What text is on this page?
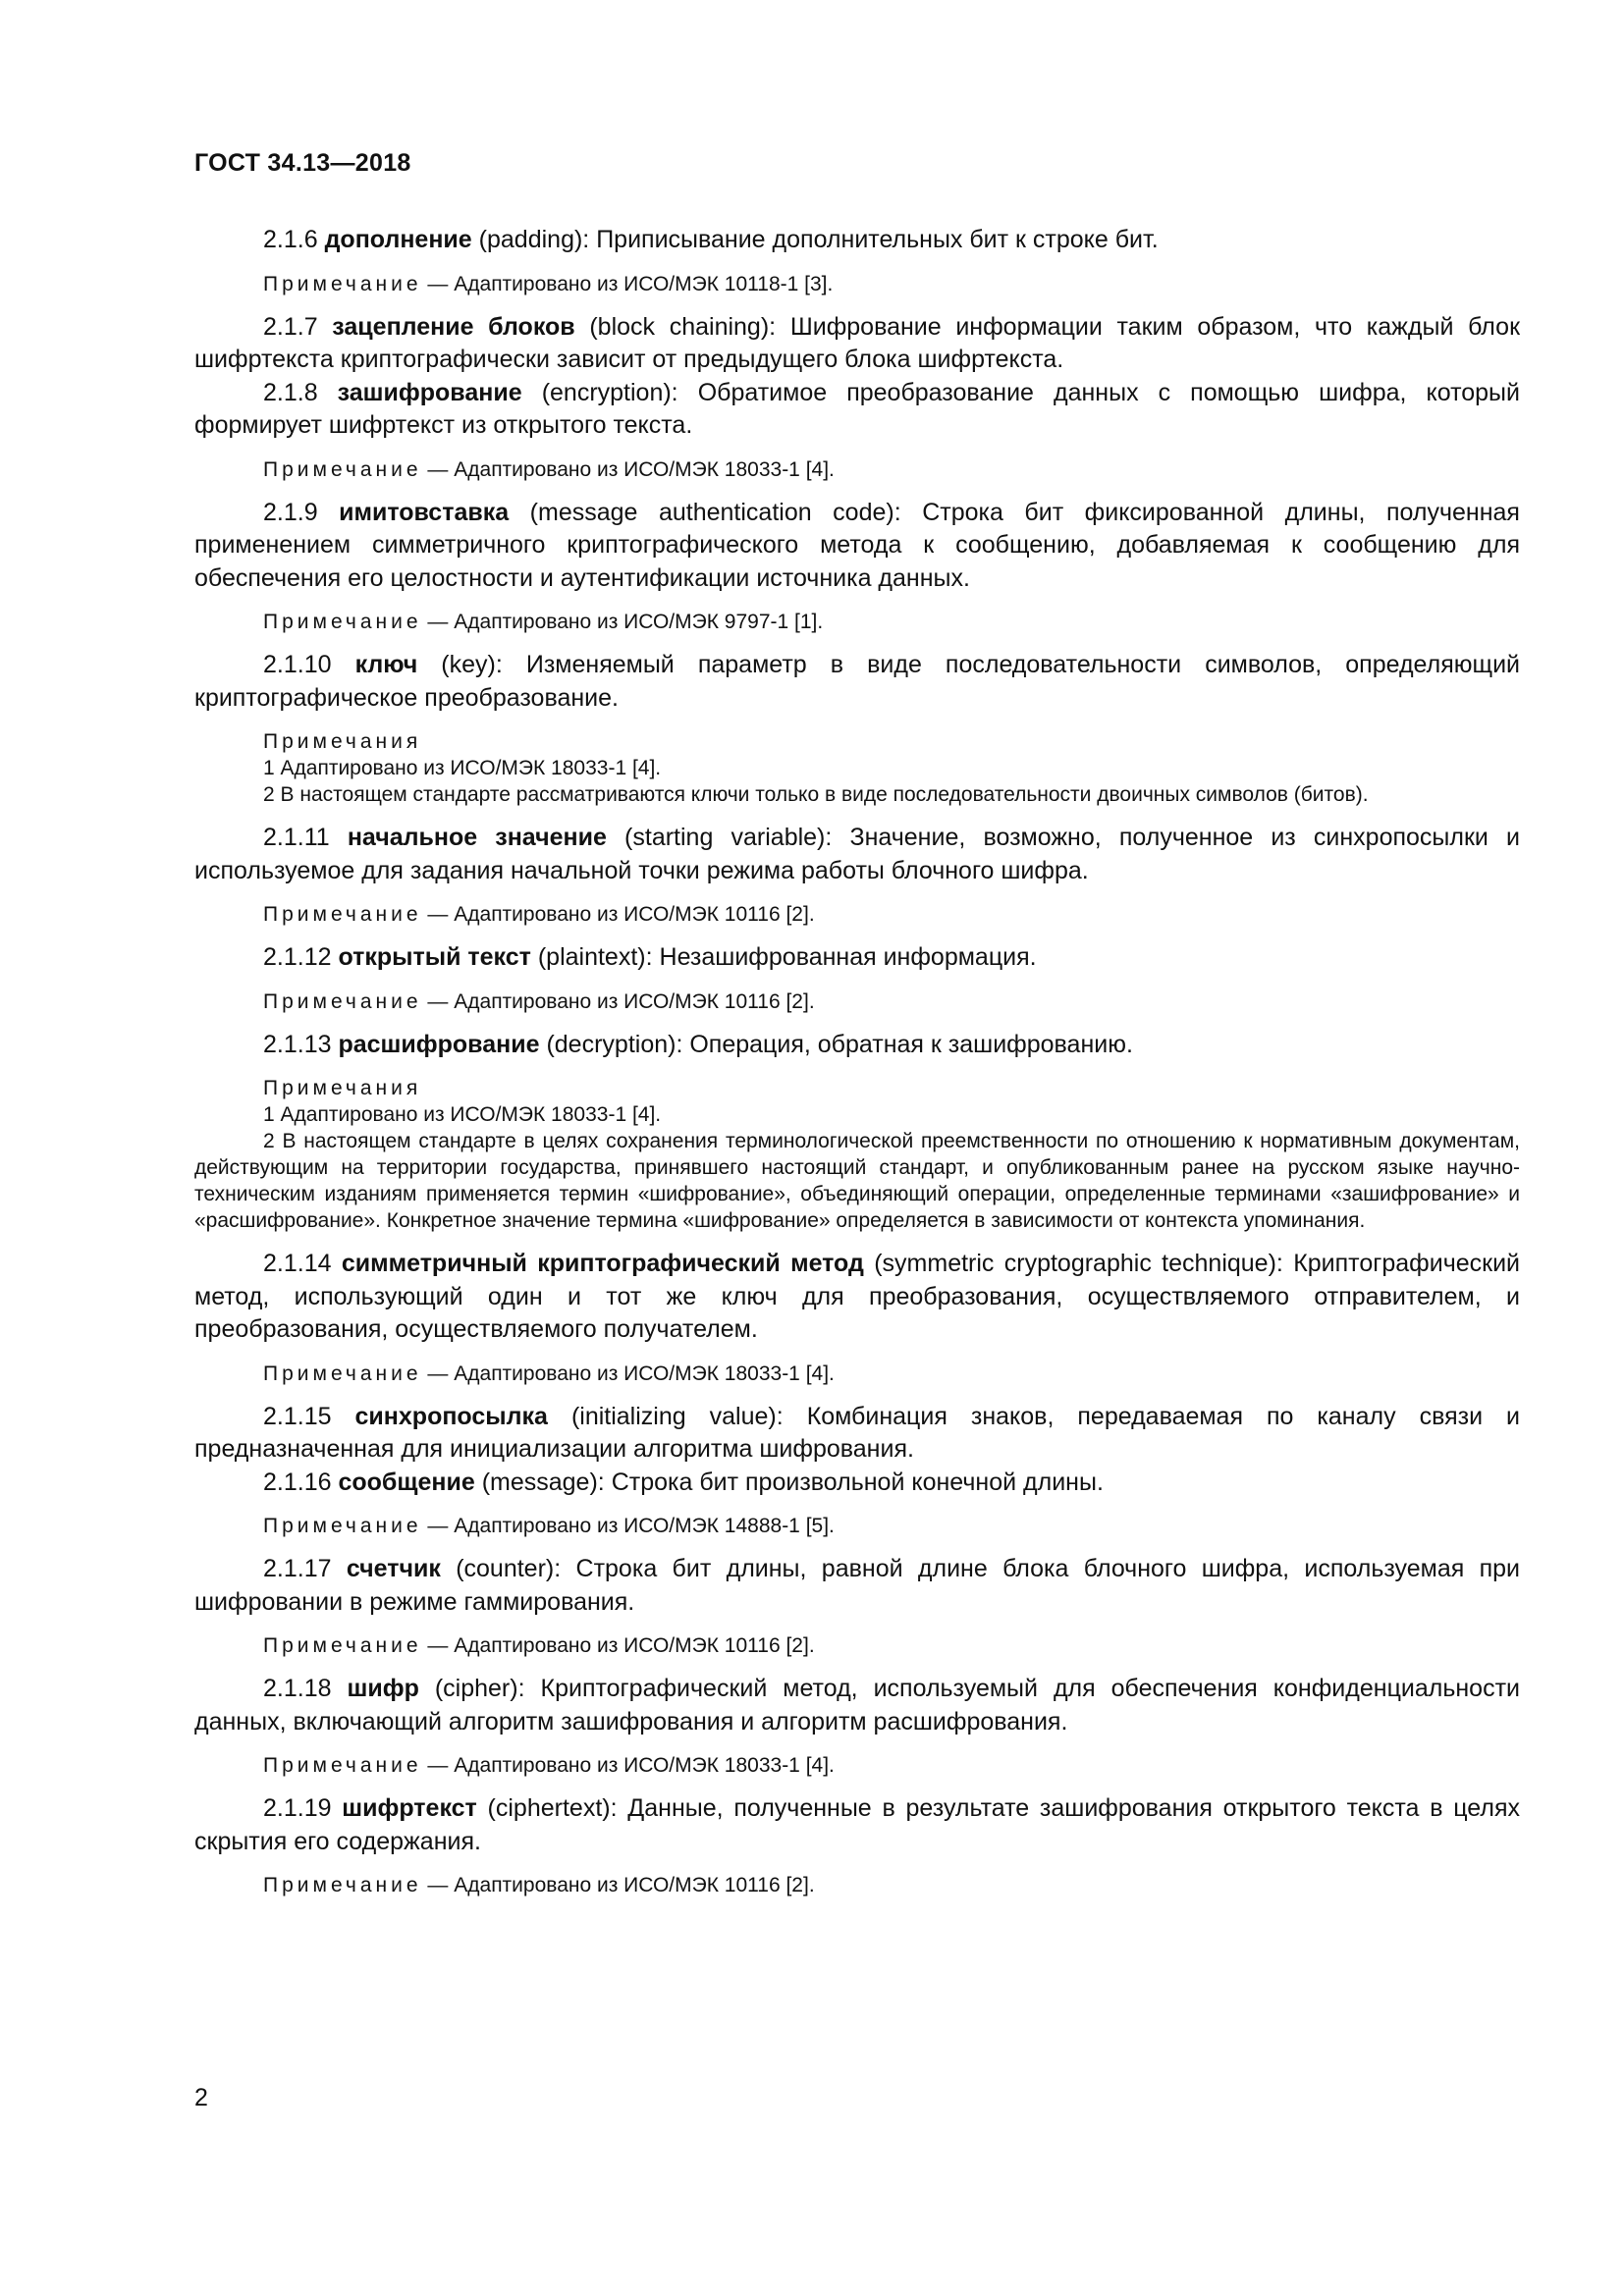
ГОСТ 34.13—2018

2.1.6 дополнение (padding): Приписывание дополнительных бит к строке бит.

Примечание — Адаптировано из ИСО/МЭК 10118-1 [3].

2.1.7 зацепление блоков (block chaining): Шифрование информации таким образом, что каждый блок шифртекста криптографически зависит от предыдущего блока шифртекста.

2.1.8 зашифрование (encryption): Обратимое преобразование данных с помощью шифра, который формирует шифртекст из открытого текста.

Примечание — Адаптировано из ИСО/МЭК 18033-1 [4].

2.1.9 имитовставка (message authentication code): Строка бит фиксированной длины, полученная применением симметричного криптографического метода к сообщению, добавляемая к сообщению для обеспечения его целостности и аутентификации источника данных.

Примечание — Адаптировано из ИСО/МЭК 9797-1 [1].

2.1.10 ключ (key): Изменяемый параметр в виде последовательности символов, определяющий криптографическое преобразование.

Примечания

1 Адаптировано из ИСО/МЭК 18033-1 [4].

2 В настоящем стандарте рассматриваются ключи только в виде последовательности двоичных символов (битов).

2.1.11 начальное значение (starting variable): Значение, возможно, полученное из синхропосылки и используемое для задания начальной точки режима работы блочного шифра.

Примечание — Адаптировано из ИСО/МЭК 10116 [2].

2.1.12 открытый текст (plaintext): Незашифрованная информация.

Примечание — Адаптировано из ИСО/МЭК 10116 [2].

2.1.13 расшифрование (decryption): Операция, обратная к зашифрованию.

Примечания

1 Адаптировано из ИСО/МЭК 18033-1 [4].

2 В настоящем стандарте в целях сохранения терминологической преемственности по отношению к нормативным документам, действующим на территории государства, принявшего настоящий стандарт, и опубликованным ранее на русском языке научно-техническим изданиям применяется термин «шифрование», объединяющий операции, определенные терминами «зашифрование» и «расшифрование». Конкретное значение термина «шифрование» определяется в зависимости от контекста упоминания.

2.1.14 симметричный криптографический метод (symmetric cryptographic technique): Криптографический метод, использующий один и тот же ключ для преобразования, осуществляемого отправителем, и преобразования, осуществляемого получателем.

Примечание — Адаптировано из ИСО/МЭК 18033-1 [4].

2.1.15 синхропосылка (initializing value): Комбинация знаков, передаваемая по каналу связи и предназначенная для инициализации алгоритма шифрования.

2.1.16 сообщение (message): Строка бит произвольной конечной длины.

Примечание — Адаптировано из ИСО/МЭК 14888-1 [5].

2.1.17 счетчик (counter): Строка бит длины, равной длине блока блочного шифра, используемая при шифровании в режиме гаммирования.

Примечание — Адаптировано из ИСО/МЭК 10116 [2].

2.1.18 шифр (cipher): Криптографический метод, используемый для обеспечения конфиденциальности данных, включающий алгоритм зашифрования и алгоритм расшифрования.

Примечание — Адаптировано из ИСО/МЭК 18033-1 [4].

2.1.19 шифртекст (ciphertext): Данные, полученные в результате зашифрования открытого текста в целях скрытия его содержания.

Примечание — Адаптировано из ИСО/МЭК 10116 [2].

2
